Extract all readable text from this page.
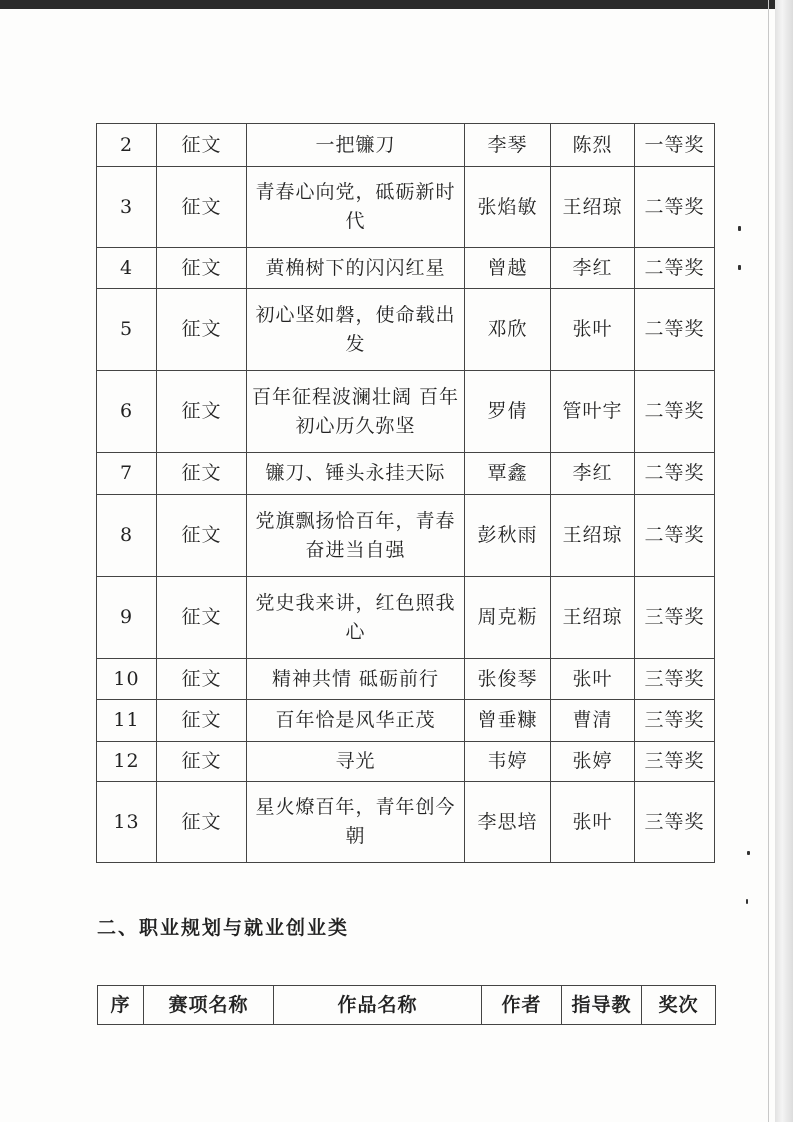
2	征文	一把镰刀	李琴	陈烈	一等奖
3	征文	青春心向党，砥砺新时代	张焰敏	王绍琼	二等奖
4	征文	黄桷树下的闪闪红星	曾越	李红	二等奖
5	征文	初心坚如磐，使命载出发	邓欣	张叶	二等奖
6	征文	百年征程波澜壮阔 百年初心历久弥坚	罗倩	管叶宇	二等奖
7	征文	镰刀、锤头永挂天际	覃鑫	李红	二等奖
8	征文	党旗飘扬恰百年，青春奋进当自强	彭秋雨	王绍琼	二等奖
9	征文	党史我来讲，红色照我心	周克粝	王绍琼	三等奖
10	征文	精神共情 砥砺前行	张俊琴	张叶	三等奖
11	征文	百年恰是风华正茂	曾垂糠	曹清	三等奖
12	征文	寻光	韦婷	张婷	三等奖
13	征文	星火燎百年，青年创今朝	李思培	张叶	三等奖
二、职业规划与就业创业类
序	赛项名称	作品名称	作者	指导教	奖次
